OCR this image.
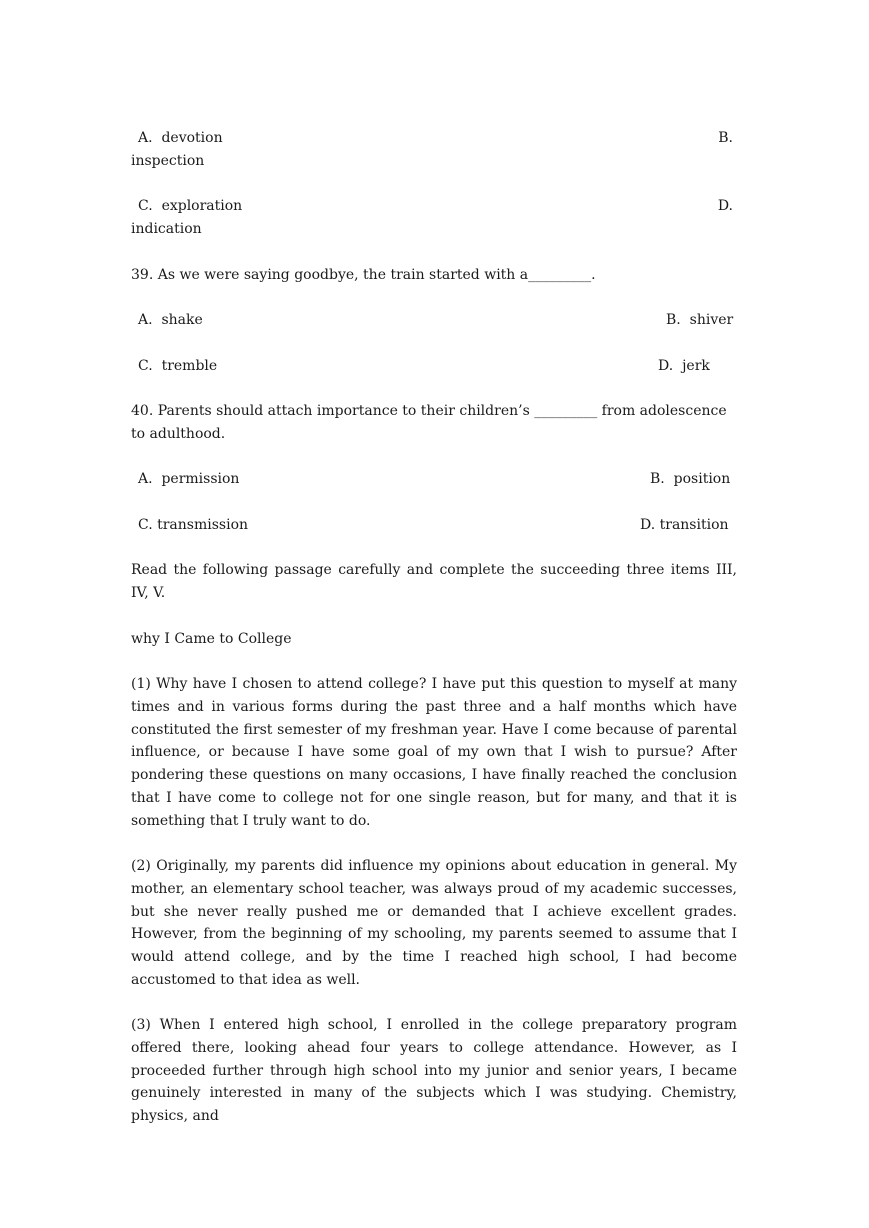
A.  devotion	B.
inspection
C.  exploration	D.
indication
39. As we were saying goodbye, the train started with a_________.
A.  shake	B.  shiver
C.  tremble	D.  jerk
40. Parents should attach importance to their children’s _________ from adolescence
to adulthood.
A.  permission	B.  position
C. transmission	D. transition
Read the following passage carefully and complete the succeeding three items III, IV, V.
why I Came to College
(1) Why have I chosen to attend college? I have put this question to myself at many times and in various forms during the past three and a half months which have constituted the first semester of my freshman year. Have I come because of parental influence, or because I have some goal of my own that I wish to pursue? After pondering these questions on many occasions, I have finally reached the conclusion that I have come to college not for one single reason, but for many, and that it is something that I truly want to do.
(2) Originally, my parents did influence my opinions about education in general. My mother, an elementary school teacher, was always proud of my academic successes, but she never really pushed me or demanded that I achieve excellent grades. However, from the beginning of my schooling, my parents seemed to assume that I would attend college, and by the time I reached high school, I had become accustomed to that idea as well.
(3) When I entered high school, I enrolled in the college preparatory program offered there, looking ahead four years to college attendance. However, as I proceeded further through high school into my junior and senior years, I became genuinely interested in many of the subjects which I was studying. Chemistry, physics, and
